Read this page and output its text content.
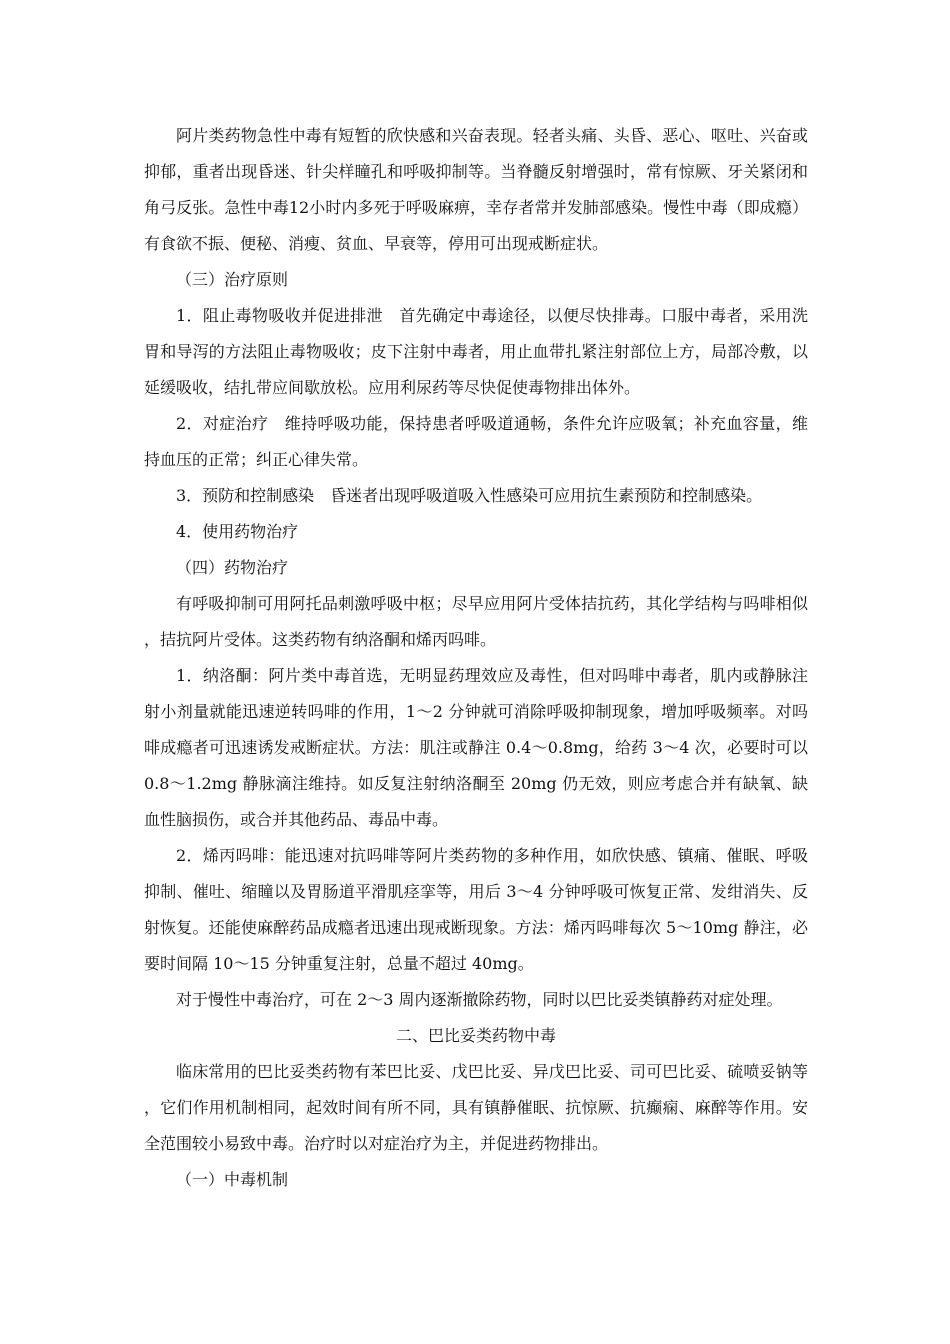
阿片类药物急性中毒有短暂的欣快感和兴奋表现。轻者头痛、头昏、恶心、呕吐、兴奋或抑郁，重者出现昏迷、针尖样瞳孔和呼吸抑制等。当脊髓反射增强时，常有惊厥、牙关紧闭和角弓反张。急性中毒12小时内多死于呼吸麻痹，幸存者常并发肺部感染。慢性中毒（即成瘾）有食欲不振、便秘、消瘦、贫血、早衰等，停用可出现戒断症状。

（三）治疗原则

1．阻止毒物吸收并促进排泄　首先确定中毒途径，以便尽快排毒。口服中毒者，采用洗胃和导泻的方法阻止毒物吸收；皮下注射中毒者，用止血带扎紧注射部位上方，局部冷敷，以延缓吸收，结扎带应间歇放松。应用利尿药等尽快促使毒物排出体外。

2．对症治疗　维持呼吸功能，保持患者呼吸道通畅，条件允许应吸氧；补充血容量，维持血压的正常；纠正心律失常。

3．预防和控制感染　昏迷者出现呼吸道吸入性感染可应用抗生素预防和控制感染。

4．使用药物治疗

（四）药物治疗

有呼吸抑制可用阿托品刺激呼吸中枢；尽早应用阿片受体拮抗药，其化学结构与吗啡相似，拮抗阿片受体。这类药物有纳洛酮和烯丙吗啡。

1．纳洛酮：阿片类中毒首选，无明显药理效应及毒性，但对吗啡中毒者，肌内或静脉注射小剂量就能迅速逆转吗啡的作用，1～2 分钟就可消除呼吸抑制现象，增加呼吸频率。对吗啡成瘾者可迅速诱发戒断症状。方法：肌注或静注 0.4～0.8mg，给药 3～4 次，必要时可以 0.8～1.2mg 静脉滴注维持。如反复注射纳洛酮至 20mg 仍无效，则应考虑合并有缺氧、缺血性脑损伤，或合并其他药品、毒品中毒。

2．烯丙吗啡：能迅速对抗吗啡等阿片类药物的多种作用，如欣快感、镇痛、催眠、呼吸抑制、催吐、缩瞳以及胃肠道平滑肌痉挛等，用后 3～4 分钟呼吸可恢复正常、发绀消失、反射恢复。还能使麻醉药品成瘾者迅速出现戒断现象。方法：烯丙吗啡每次 5～10mg 静注，必要时间隔 10～15 分钟重复注射，总量不超过 40mg。

对于慢性中毒治疗，可在 2～3 周内逐渐撤除药物，同时以巴比妥类镇静药对症处理。

二、巴比妥类药物中毒

临床常用的巴比妥类药物有苯巴比妥、戊巴比妥、异戊巴比妥、司可巴比妥、硫喷妥钠等，它们作用机制相同，起效时间有所不同，具有镇静催眠、抗惊厥、抗癫痫、麻醉等作用。安全范围较小易致中毒。治疗时以对症治疗为主，并促进药物排出。

（一）中毒机制
